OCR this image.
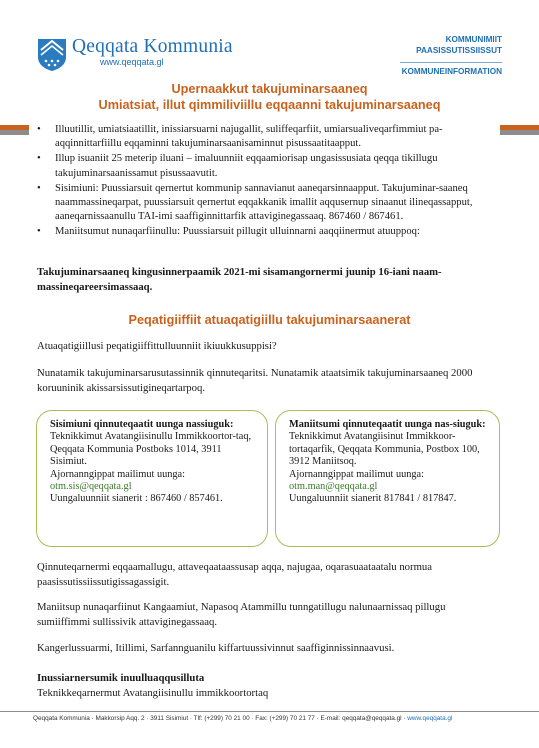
Qeqqata Kommunia
www.qeqqata.gl
KOMMUNIMIIT
PAASISSUTISSIISSUT
KOMMUNEINFORMATION
Upernaakkut takujuminarsaaneq
Umiatsiat, illut qimmiliviillu eqqaanni takujuminarsaaneq
• Illuutillit, umiatsiaatillit, inissiarsuarni najugallit, suliffeqarfiit, umiarsualiveqarfimmiut pa-aqqinnittarfiillu eqqaminni takujuminarsaanisaminnut pisussaatitaapput.
• Illup isuaniit 25 meterip iluani – imaluunniit eqqaamiorisap ungasissusiata qeqqa tikillugu takujuminarsaanissamut pisussaavutit.
• Sisimiuni: Puussiarsuit qernertut kommunip sannavianut aaneqarsinnaapput. Takujuminar-saaneq naammassineqarpat, puussiarsuit qernertut eqqakkanik imallit aqqusernup sinaanut ilineqassapput, aaneqarnissaanullu TAI-imi saaffiginnittarfik attaviginegassaaq. 867460 / 867461.
• Maniitsumut nunaqarfiinullu: Puussiarsuit pillugit ulluinnarni aaqqiinermut atuuppoq:
Takujuminarsaaneq kingusinnerpaamik 2021-mi sisamangornermi juunip 16-iani naam-massineqareersimassaaq.
Peqatigiiffiit atuaqatigiillu takujuminarsaanerat
Atuaqatigiillusi peqatigiiffittulluunniit ikiuukkusuppisi?
Nunatamik takujuminarsarusutassinnik qinnuteqaritsi. Nunatamik ataatsimik takujuminarsaaneq 2000 koruuninik akissarsissutigineqartarpoq.
Sisimiuni qinnuteqaatit uunga nassiuguk:
Teknikkimut Avatangiisinullu Immikkoortor-taq, Qeqqata Kommunia Postboks 1014, 3911 Sisimiut.
Ajornanngippat mailimut uunga:
otm.sis@qeqqata.gl
Uungaluunniit sianerit : 867460 / 857461.
Maniitsumi qinnuteqaatit uunga nas-siuguk:
Teknikkimut Avatangiisinut Immikkoor-tortaqarfik, Qeqqata Kommunia, Postbox 100, 3912 Maniitsoq.
Ajornanngippat mailimut uunga:
otm.man@qeqqata.gl
Uungaluunniit sianerit 817841 / 817847.
Qinnuteqarnermi eqqaamallugu, attaveqaataassusap aqqa, najugaa, oqarasuaataatalu normua paasissutissiissutigissagassigit.
Maniitsup nunaqarfiinut Kangaamiut, Napasoq Atammillu tunngatillugu nalunaarnissaq pillugu sumiiffimmi sullissivik attaviginegassaaq.
Kangerlussuarmi, Itillimi, Sarfannguanilu kiffartuussivinnut saaffiginnissinnaavusi.
Inussiarnersumik inuulluaqqusilluta
Teknikkeqarnermut Avatangiisinullu immikkoortortaq
Qeqqata Kommunia · Makkorsip Aqq. 2 · 3911 Sisimiut · Tlf: (+299) 70 21 00 · Fax: (+299) 70 21 77 · E-mail: qeqqata@qeqqata.gl · www.qeqqata.gl
